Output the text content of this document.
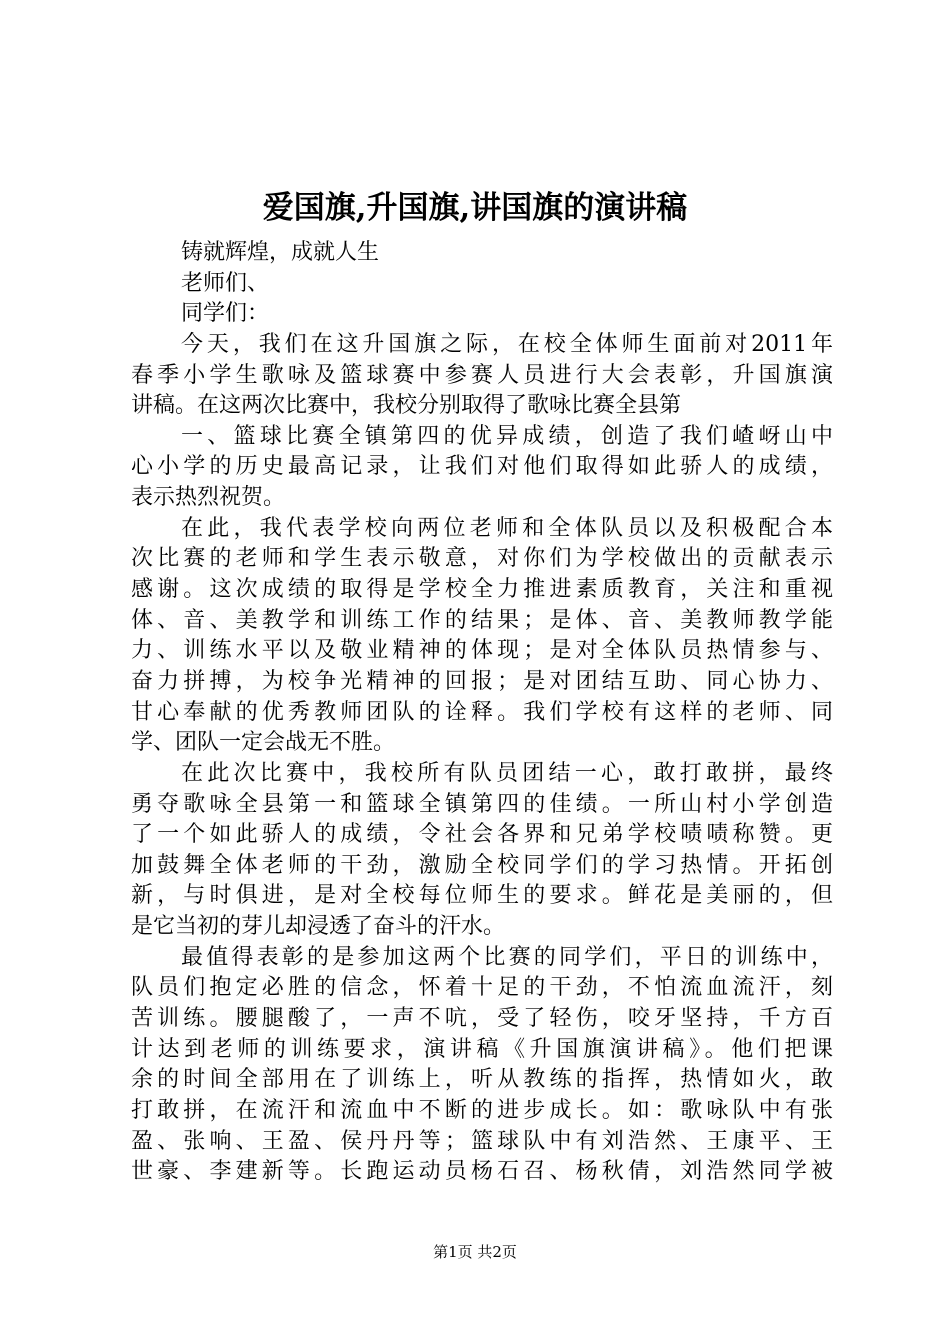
爱国旗,升国旗,讲国旗的演讲稿
铸就辉煌，成就人生
老师们、
同学们：
今天，我们在这升国旗之际，在校全体师生面前对2011年
春季小学生歌咏及篮球赛中参赛人员进行大会表彰，升国旗演
讲稿。在这两次比赛中，我校分别取得了歌咏比赛全县第
一、篮球比赛全镇第四的优异成绩，创造了我们嵖岈山中
心小学的历史最高记录，让我们对他们取得如此骄人的成绩，
表示热烈祝贺。
在此，我代表学校向两位老师和全体队员以及积极配合本
次比赛的老师和学生表示敬意，对你们为学校做出的贡献表示
感谢。这次成绩的取得是学校全力推进素质教育，关注和重视
体、音、美教学和训练工作的结果；是体、音、美教师教学能
力、训练水平以及敬业精神的体现；是对全体队员热情参与、
奋力拼搏，为校争光精神的回报；是对团结互助、同心协力、
甘心奉献的优秀教师团队的诠释。我们学校有这样的老师、同
学、团队一定会战无不胜。
在此次比赛中，我校所有队员团结一心，敢打敢拼，最终
勇夺歌咏全县第一和篮球全镇第四的佳绩。一所山村小学创造
了一个如此骄人的成绩，令社会各界和兄弟学校啧啧称赞。更
加鼓舞全体老师的干劲，激励全校同学们的学习热情。开拓创
新，与时俱进，是对全校每位师生的要求。鲜花是美丽的，但
是它当初的芽儿却浸透了奋斗的汗水。
最值得表彰的是参加这两个比赛的同学们，平日的训练中，
队员们抱定必胜的信念，怀着十足的干劲，不怕流血流汗，刻
苦训练。腰腿酸了，一声不吭，受了轻伤，咬牙坚持，千方百
计达到老师的训练要求，演讲稿《升国旗演讲稿》。他们把课
余的时间全部用在了训练上，听从教练的指挥，热情如火，敢
打敢拼，在流汗和流血中不断的进步成长。如：歌咏队中有张
盈、张响、王盈、侯丹丹等；篮球队中有刘浩然、王康平、王
世豪、李建新等。长跑运动员杨石召、杨秋倩，刘浩然同学被
第1页 共2页
